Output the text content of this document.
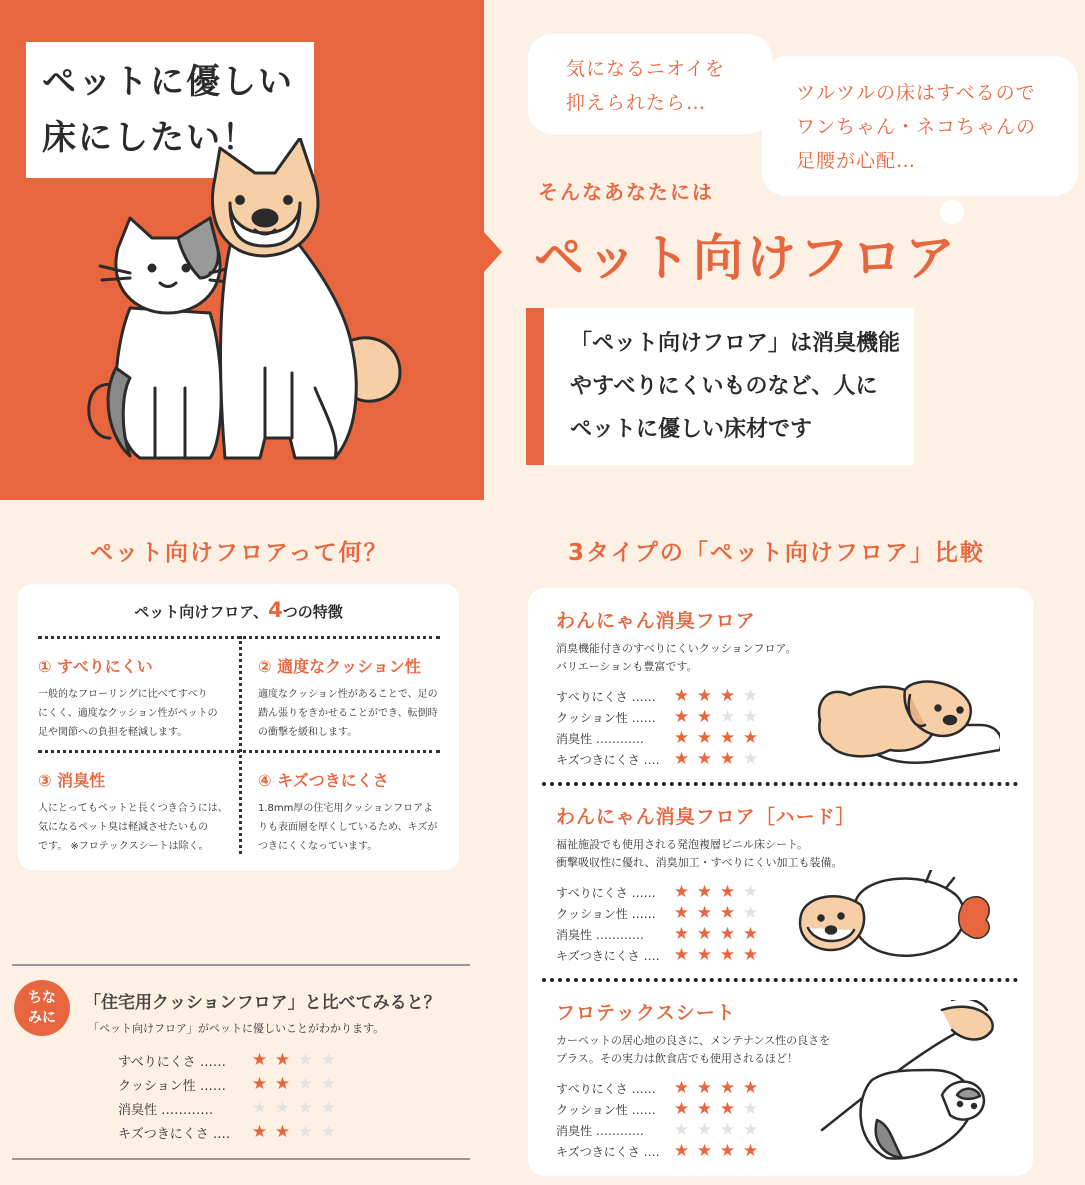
ペットに優しい
床にしたい！
気になるニオイを
抑えられたら…	ツルツルの床はすべるので
ワンちゃん・ネコちゃんの
足腰が心配…
そんなあなたには
ペット向けフロア
「ペット向けフロア」は消臭機能
やすべりにくいものなど、人に
ペットに優しい床材です
ペット向けフロアって何？
ペット向けフロア、4つの特徴
① すべりにくい
一般的なフローリングに比べてすべり
にくく、適度なクッション性がペットの
足や関節への負担を軽減します。
② 適度なクッション性
適度なクッション性があることで、足の
踏ん張りをきかせることができ、転倒時
の衝撃を緩和します。
③ 消臭性
人にとってもペットと長くつき合うには、
気になるペット臭は軽減させたいもの
です。 ※フロテックスシートは除く。
④ キズつきにくさ
1.8mm厚の住宅用クッションフロアよ
りも表面層を厚くしているため、キズが
つきにくくなっています。
ちな
みに
「住宅用クッションフロア」と比べてみると？
「ペット向けフロア」がペットに優しいことがわかります。
すべりにくさ ‥‥‥	★ ★ ★ ★
クッション性 ‥‥‥	★ ★ ★ ★
消臭性 ‥‥‥‥‥‥	★ ★ ★ ★
キズつきにくさ ‥‥	★ ★ ★ ★
3タイプの「ペット向けフロア」比較
わんにゃん消臭フロア
消臭機能付きのすべりにくいクッションフロア。
バリエーションも豊富です。
すべりにくさ ‥‥‥	★ ★ ★ ★
クッション性 ‥‥‥	★ ★ ★ ★
消臭性 ‥‥‥‥‥‥	★ ★ ★ ★
キズつきにくさ ‥‥ ★ ★ ★ ★
わんにゃん消臭フロア［ハード］
福祉施設でも使用される発泡複層ビニル床シート。
衝撃吸収性に優れ、消臭加工・すべりにくい加工も装備。
すべりにくさ ‥‥‥	★ ★ ★ ★
クッション性 ‥‥‥	★ ★ ★ ★
消臭性 ‥‥‥‥‥‥	★ ★ ★ ★
キズつきにくさ ‥‥ ★ ★ ★ ★
フロテックスシート
カーペットの居心地の良さに、メンテナンス性の良さを
プラス。その実力は飲食店でも使用されるほど！
すべりにくさ ‥‥‥	★ ★ ★ ★
クッション性 ‥‥‥	★ ★ ★ ★
消臭性 ‥‥‥‥‥‥	★ ★ ★ ★
キズつきにくさ ‥‥ ★ ★ ★ ★
